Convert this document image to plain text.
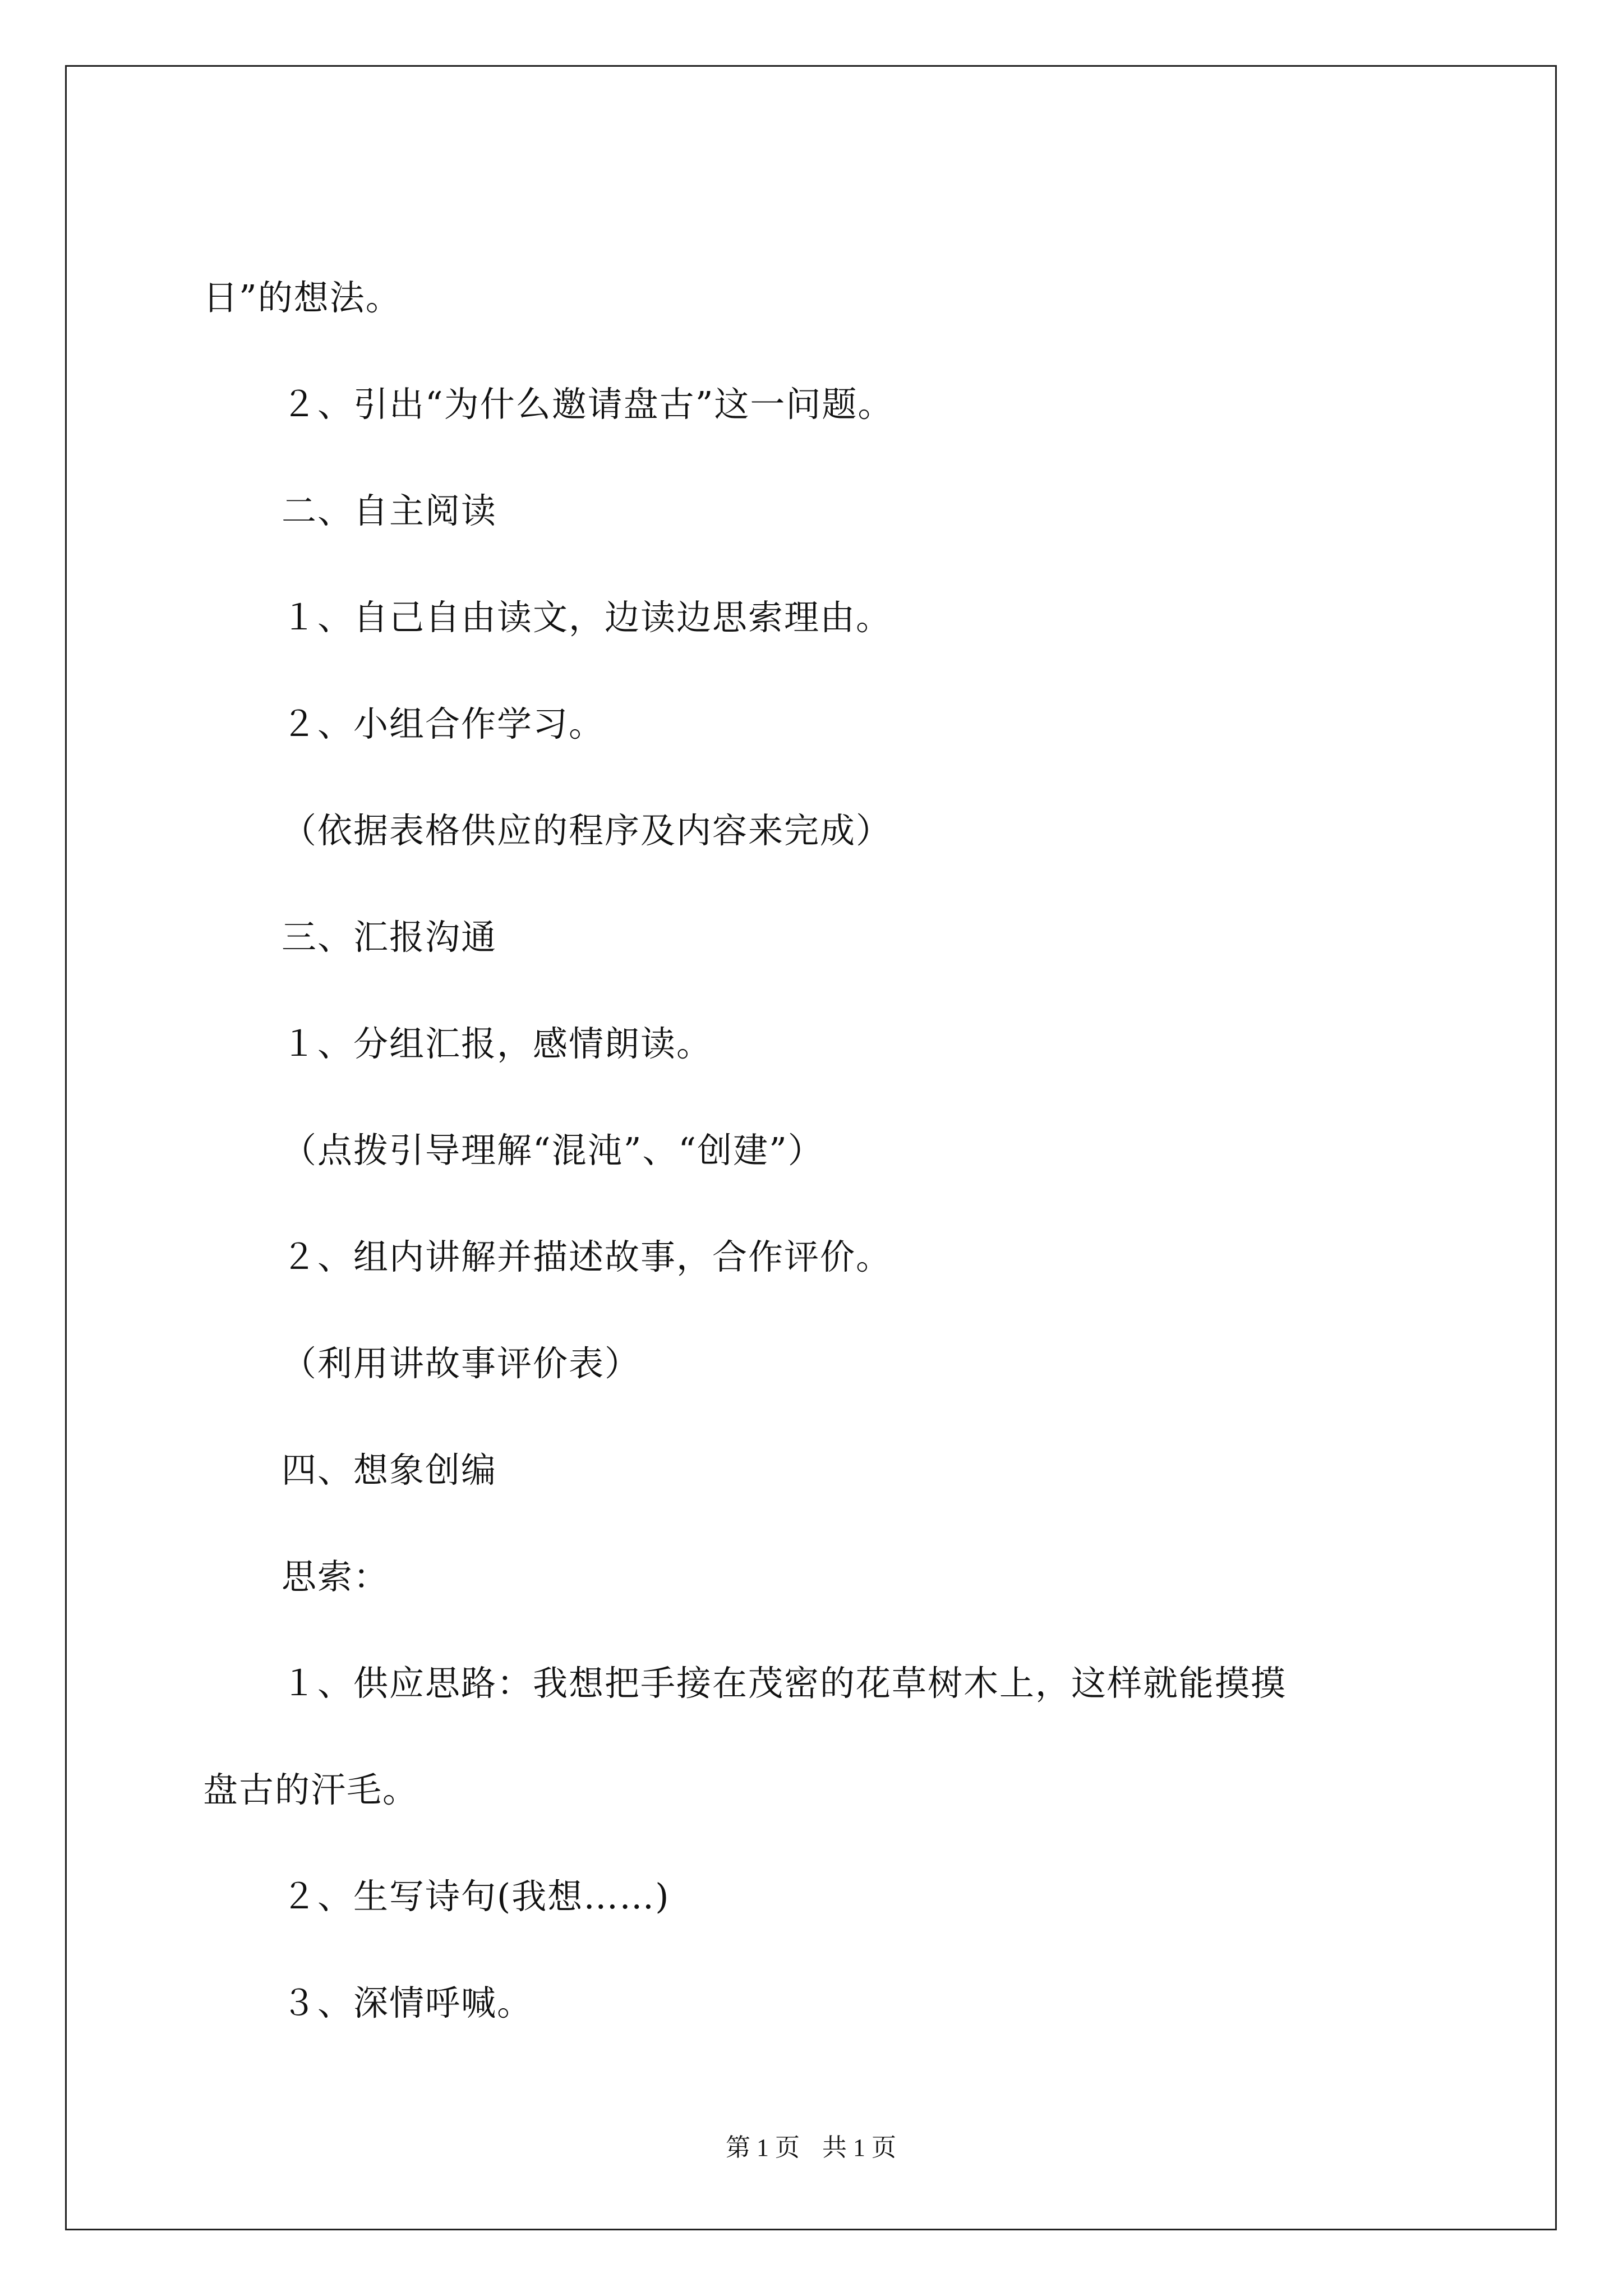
日”的想法。
２、引出“为什么邀请盘古”这一问题。
二、自主阅读
１、自己自由读文，边读边思索理由。
２、小组合作学习。
（依据表格供应的程序及内容来完成）
三、汇报沟通
１、分组汇报，感情朗读。
（点拨引导理解“混沌”、“创建”）
２、组内讲解并描述故事，合作评价。
（利用讲故事评价表）
四、想象创编
思索：
１、供应思路：我想把手接在茂密的花草树木上，这样就能摸摸
盘古的汗毛。
２、生写诗句(我想……)
３、深情呼喊。
第 1 页 共 1 页
